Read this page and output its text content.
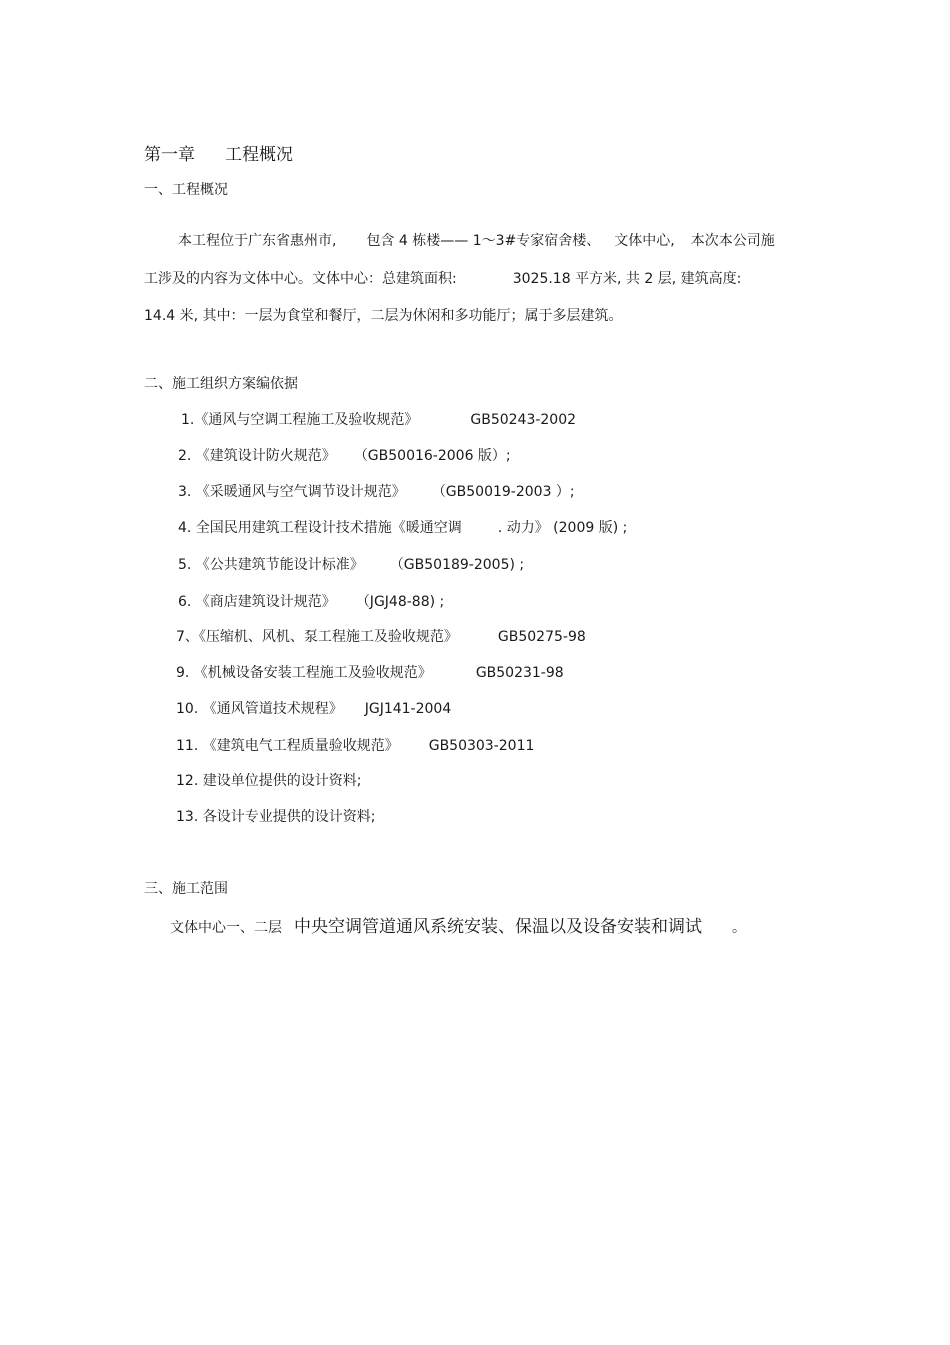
第一章 工程概况
一、工程概况
本工程位于广东省惠州市, 包含 4 栋楼—— 1～3#专家宿舍楼、 文体中心, 本次本公司施
工涉及的内容为文体中心。文体中心：总建筑面积:	3025.18 平方米, 共 2 层, 建筑高度:
14.4 米, 其中：一层为食堂和餐厅，二层为休闲和多功能厅；属于多层建筑。
二、施工组织方案编依据
1.《通风与空调工程施工及验收规范》	GB50243-2002
2. 《建筑设计防火规范》 （GB50016-2006 版）;
3. 《采暖通风与空气调节设计规范》 （GB50019-2003 ）;
4. 全国民用建筑工程设计技术措施《暖通空调	. 动力》 (2009 版) ;
5. 《公共建筑节能设计标准》 （GB50189-2005) ;
6. 《商店建筑设计规范》 （JGJ48-88) ;
7、《压缩机、风机、泵工程施工及验收规范》	GB50275-98
9. 《机械设备安装工程施工及验收规范》	GB50231-98
10. 《通风管道技术规程》 JGJ141-2004
11. 《建筑电气工程质量验收规范》 GB50303-2011
12. 建设单位提供的设计资料;
13. 各设计专业提供的设计资料;
三、施工范围
文体中心一、二层 中央空调管道通风系统安装、保温以及设备安装和调试 。
